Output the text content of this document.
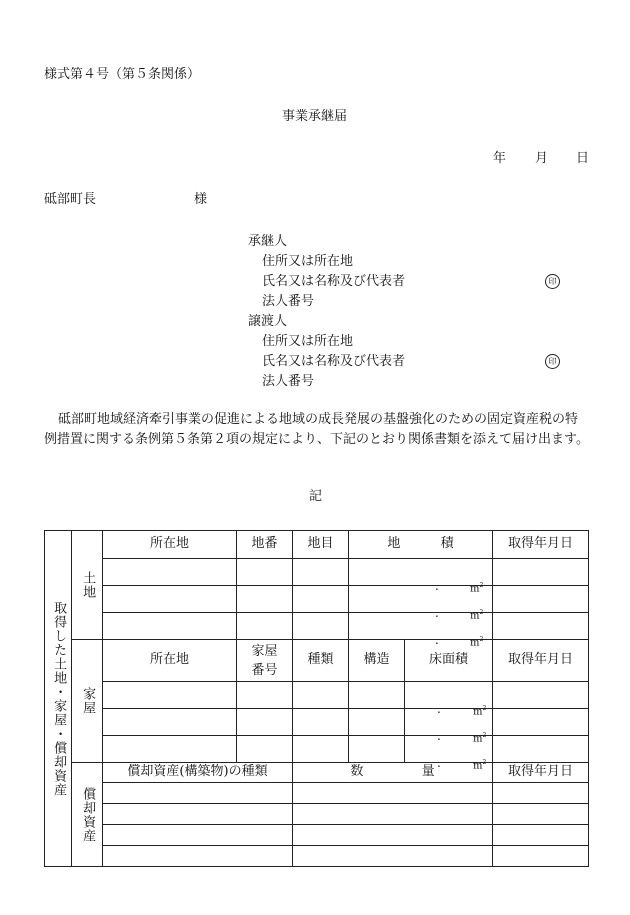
様式第４号（第５条関係）
事業承継届
年 月 日
砥部町長	様
承継人
住所又は所在地
氏名又は名称及び代表者	印
法人番号
譲渡人
住所又は所在地
氏名又は名称及び代表者	印
法人番号

砥部町地域経済牽引事業の促進による地域の成長発展の基盤強化のための固定資産税の特例措置に関する条例第５条第２項の規定により、下記のとおり関係書類を添えて届け出ます。

記
取得した土地・家屋・償却資産	土地	所在地	地番	地目	地 積		取得年月日

					. $m^2$

					. $m^2$

					. $m^2$

	家屋	所在地	家屋番号	種類	構造	床面積	取得年月日

						. $m^2$

						. $m^2$

						. $m^2$

	償却資産	償却資産(構築物)の種類		数 量			取得年月日
